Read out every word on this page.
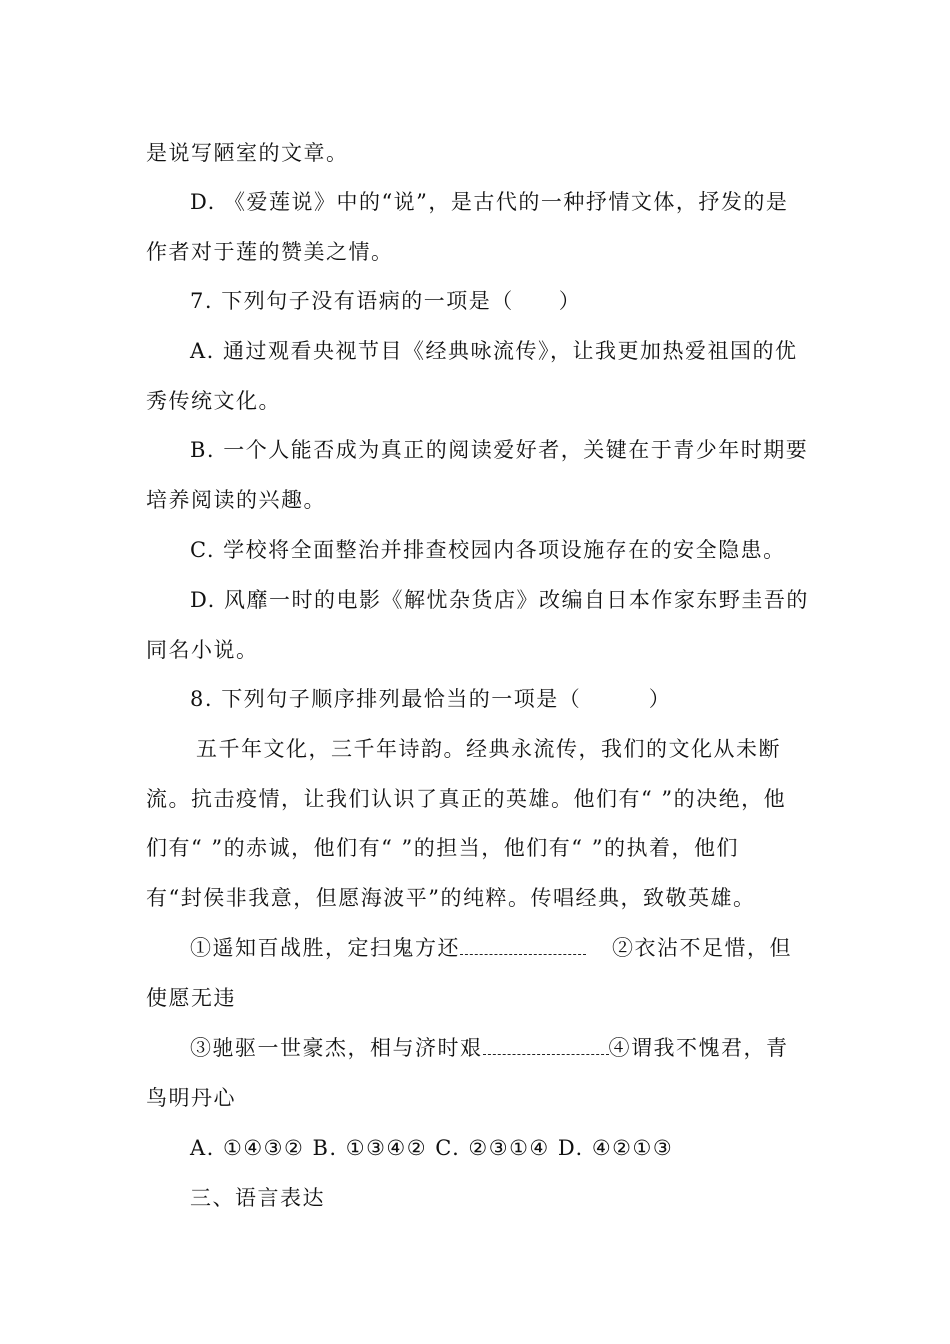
是说写陋室的文章。
D. 《爱莲说》中的“说”，是古代的一种抒情文体，抒发的是
作者对于莲的赞美之情。
7. 下列句子没有语病的一项是（　　）
A. 通过观看央视节目《经典咏流传》，让我更加热爱祖国的优
秀传统文化。
B. 一个人能否成为真正的阅读爱好者，关键在于青少年时期要
培养阅读的兴趣。
C. 学校将全面整治并排查校园内各项设施存在的安全隐患。
D. 风靡一时的电影《解忧杂货店》改编自日本作家东野圭吾的
同名小说。
8. 下列句子顺序排列最恰当的一项是（　　　）
五千年文化，三千年诗韵。经典永流传，我们的文化从未断
流。抗击疫情，让我们认识了真正的英雄。他们有“ ”的决绝，他
们有“ ”的赤诚，他们有“ ”的担当，他们有“ ”的执着，他们
有“封侯非我意，但愿海波平”的纯粹。传唱经典，致敬英雄。
①遥知百战胜，定扫鬼方还	②衣沾不足惜，但
使愿无违
③驰驱一世豪杰，相与济时艰	④谓我不愧君，青
鸟明丹心
A. ①④③② B. ①③④② C. ②③①④ D. ④②①③
三、语言表达
